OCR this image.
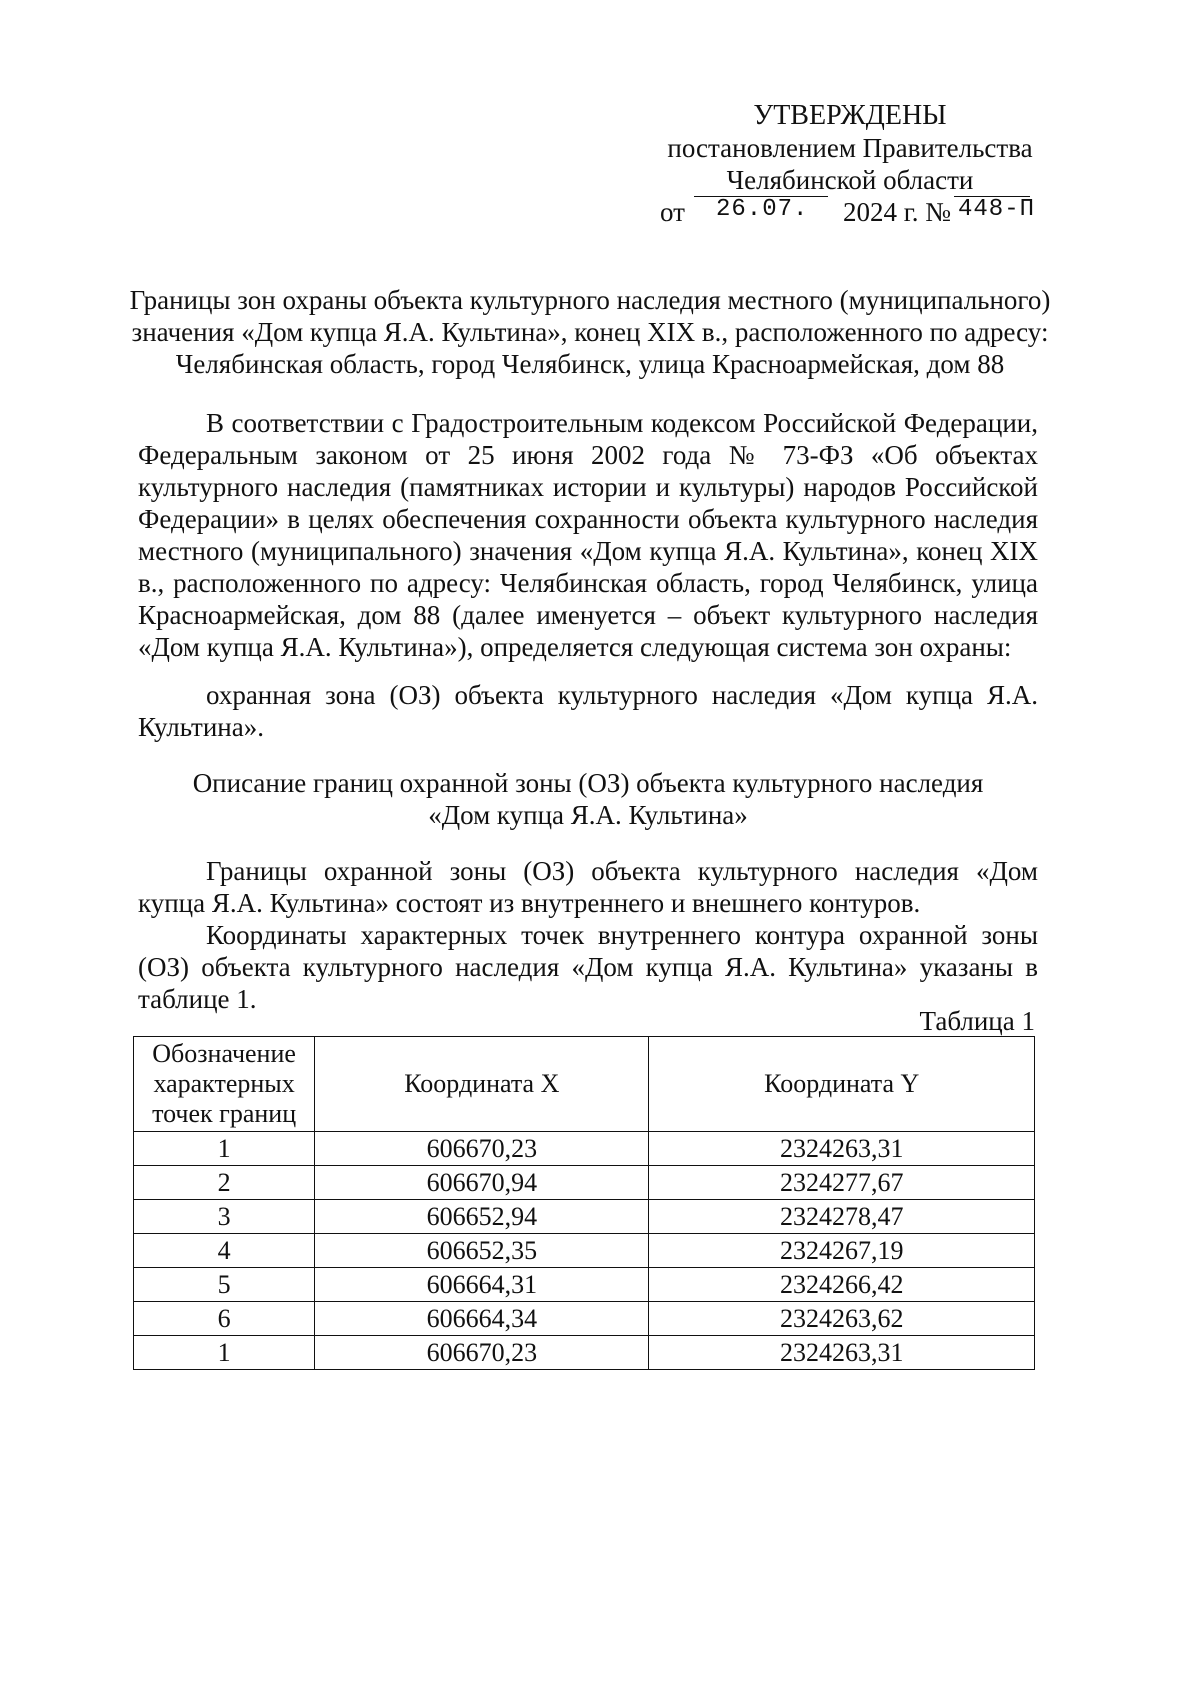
УТВЕРЖДЕНЫ
постановлением Правительства
Челябинской области
от 26.07. 2024 г. № 448-П
Границы зон охраны объекта культурного наследия местного (муниципального)
значения «Дом купца Я.А. Культина», конец XIX в., расположенного по адресу:
Челябинская область, город Челябинск, улица Красноармейская, дом 88
В соответствии с Градостроительным кодексом Российской Федерации, Федеральным законом от 25 июня 2002 года № 73-ФЗ «Об объектах культурного наследия (памятниках истории и культуры) народов Российской Федерации» в целях обеспечения сохранности объекта культурного наследия местного (муниципального) значения «Дом купца Я.А. Культина», конец XIX в., расположенного по адресу: Челябинская область, город Челябинск, улица Красноармейская, дом 88 (далее именуется – объект культурного наследия «Дом купца Я.А. Культина»), определяется следующая система зон охраны:
охранная зона (ОЗ) объекта культурного наследия «Дом купца Я.А. Культина».
Описание границ охранной зоны (ОЗ) объекта культурного наследия
«Дом купца Я.А. Культина»
Границы охранной зоны (ОЗ) объекта культурного наследия «Дом купца Я.А. Культина» состоят из внутреннего и внешнего контуров.
Координаты характерных точек внутреннего контура охранной зоны (ОЗ) объекта культурного наследия «Дом купца Я.А. Культина» указаны в таблице 1.
Таблица 1
Обозначение характерных точек границ	Координата X	Координата Y
1	606670,23	2324263,31
2	606670,94	2324277,67
3	606652,94	2324278,47
4	606652,35	2324267,19
5	606664,31	2324266,42
6	606664,34	2324263,62
1	606670,23	2324263,31
